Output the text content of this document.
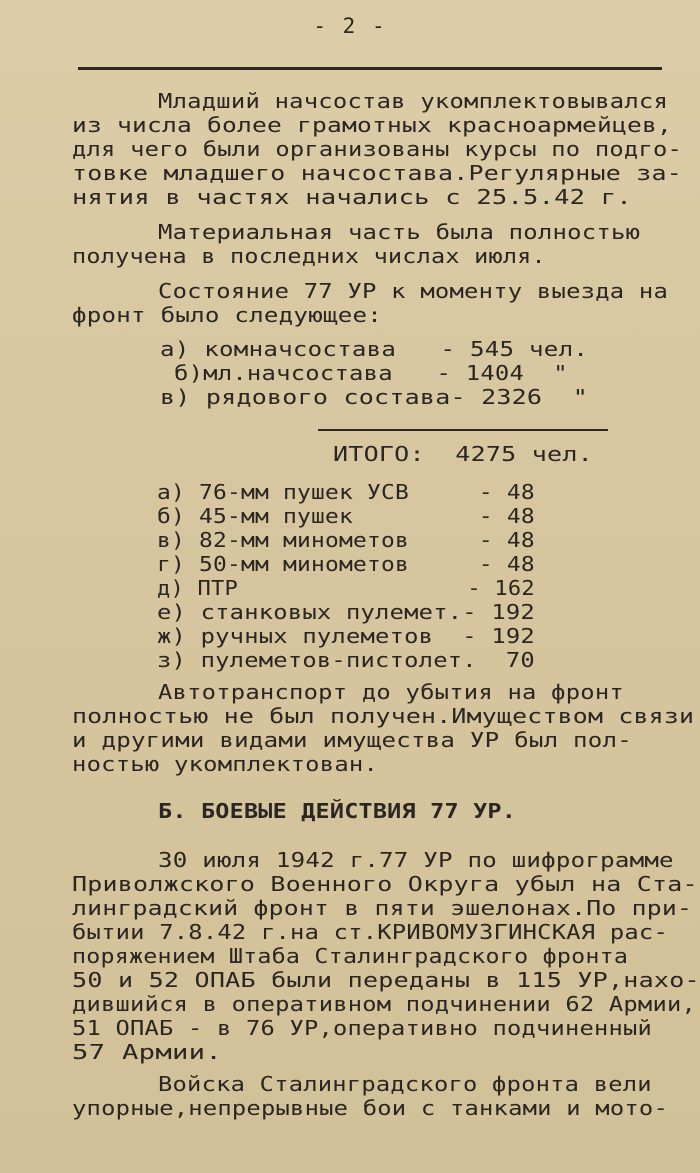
- 2 -
Младший начсостав укомплектовывался
из числа более грамотных красноармейцев,
для чего были организованы курсы по подго-
товке младшего начсостава.Регулярные за-
нятия в частях начались с 25.5.42 г.
Материальная часть была полностью
получена в последних числах июля.
Состояние 77 УР к моменту выезда на
фронт было следующее:
а) комначсостава   - 545 чел.
б)мл.начсостава   - 1404  "
в) рядового состава- 2326  "
ИТОГО:  4275 чел.
а) 76-мм пушек УСВ     - 48
б) 45-мм пушек         - 48
в) 82-мм минометов     - 48
г) 50-мм минометов     - 48
д) ПТР                 - 162
е) станковых пулемет.- 192
ж) ручных пулеметов  - 192
з) пулеметов-пистолет.  70
Автотранспорт до убытия на фронт
полностью не был получен.Имуществом связи
и другими видами имущества УР был пол-
ностью укомплектован.
Б. БОЕВЫЕ ДЕЙСТВИЯ 77 УР.
30 июля 1942 г.77 УР по шифрограмме
Приволжского Военного Округа убыл на Ста-
линградский фронт в пяти эшелонах.По при-
бытии 7.8.42 г.на ст.КРИВОМУЗГИНСКАЯ рас-
поряжением Штаба Сталинградского фронта
50 и 52 ОПАБ были переданы в 115 УР,нахо-
дившийся в оперативном подчинении 62 Армии,
51 ОПАБ - в 76 УР,оперативно подчиненный
57 Армии.
Войска Сталинградского фронта вели
упорные,непрерывные бои с танками и мото-
